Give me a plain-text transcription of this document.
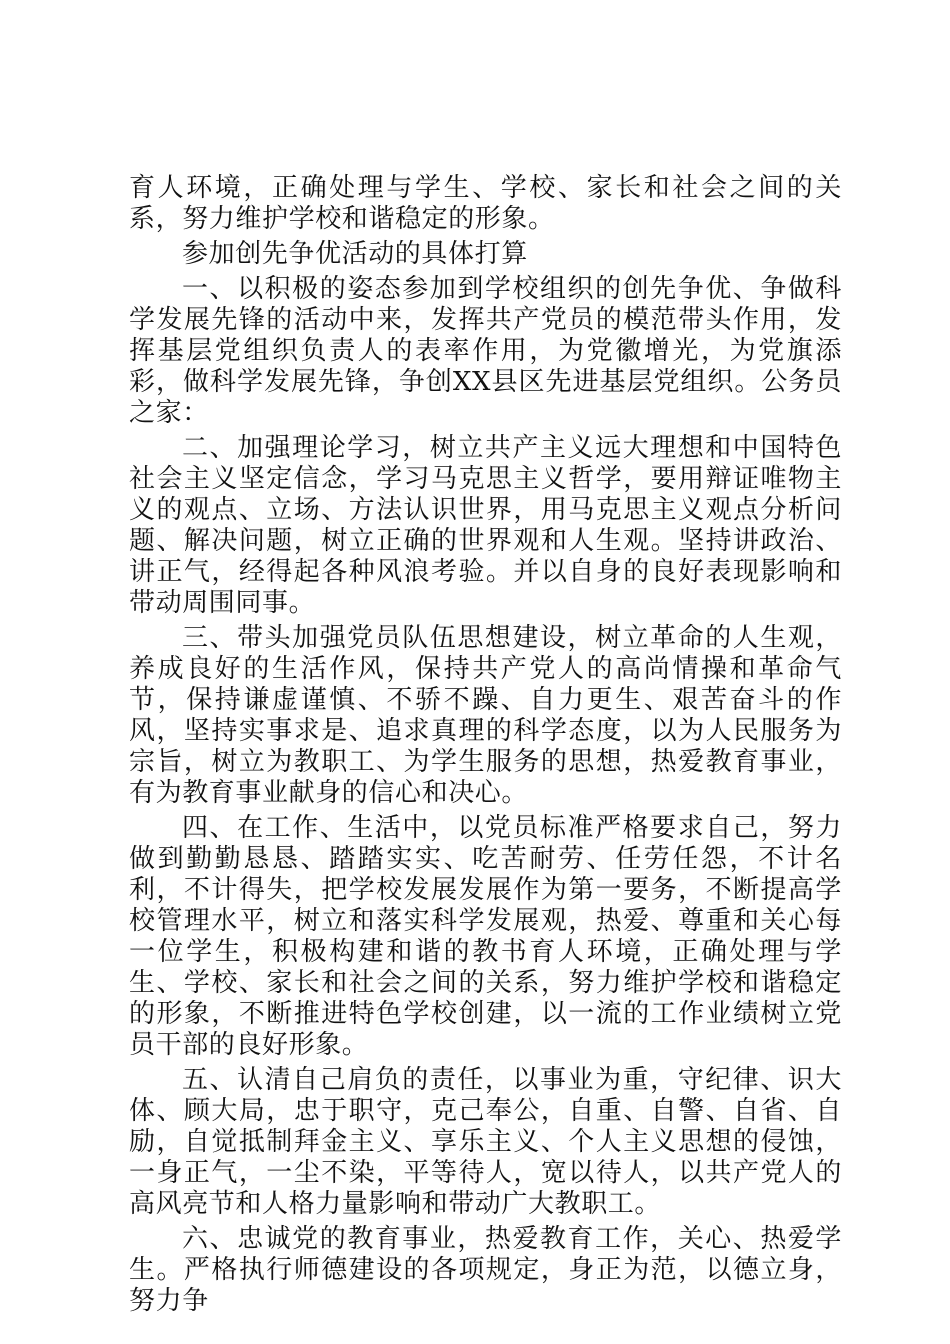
育人环境，正确处理与学生、学校、家长和社会之间的关系，努力维护学校和谐稳定的形象。

参加创先争优活动的具体打算

一、以积极的姿态参加到学校组织的创先争优、争做科学发展先锋的活动中来，发挥共产党员的模范带头作用，发挥基层党组织负责人的表率作用，为党徽增光，为党旗添彩，做科学发展先锋，争创XX县区先进基层党组织。公务员之家：

二、加强理论学习，树立共产主义远大理想和中国特色社会主义坚定信念，学习马克思主义哲学，要用辩证唯物主义的观点、立场、方法认识世界，用马克思主义观点分析问题、解决问题，树立正确的世界观和人生观。坚持讲政治、讲正气，经得起各种风浪考验。并以自身的良好表现影响和带动周围同事。

三、带头加强党员队伍思想建设，树立革命的人生观，养成良好的生活作风，保持共产党人的高尚情操和革命气节，保持谦虚谨慎、不骄不躁、自力更生、艰苦奋斗的作风，坚持实事求是、追求真理的科学态度，以为人民服务为宗旨，树立为教职工、为学生服务的思想，热爱教育事业，有为教育事业献身的信心和决心。

四、在工作、生活中，以党员标准严格要求自己，努力做到勤勤恳恳、踏踏实实、吃苦耐劳、任劳任怨，不计名利，不计得失，把学校发展发展作为第一要务，不断提高学校管理水平，树立和落实科学发展观，热爱、尊重和关心每一位学生，积极构建和谐的教书育人环境，正确处理与学生、学校、家长和社会之间的关系，努力维护学校和谐稳定的形象，不断推进特色学校创建，以一流的工作业绩树立党员干部的良好形象。

五、认清自己肩负的责任，以事业为重，守纪律、识大体、顾大局，忠于职守，克己奉公，自重、自警、自省、自励，自觉抵制拜金主义、享乐主义、个人主义思想的侵蚀，一身正气，一尘不染，平等待人，宽以待人，以共产党人的高风亮节和人格力量影响和带动广大教职工。

六、忠诚党的教育事业，热爱教育工作，关心、热爱学生。严格执行师德建设的各项规定，身正为范，以德立身，努力争
